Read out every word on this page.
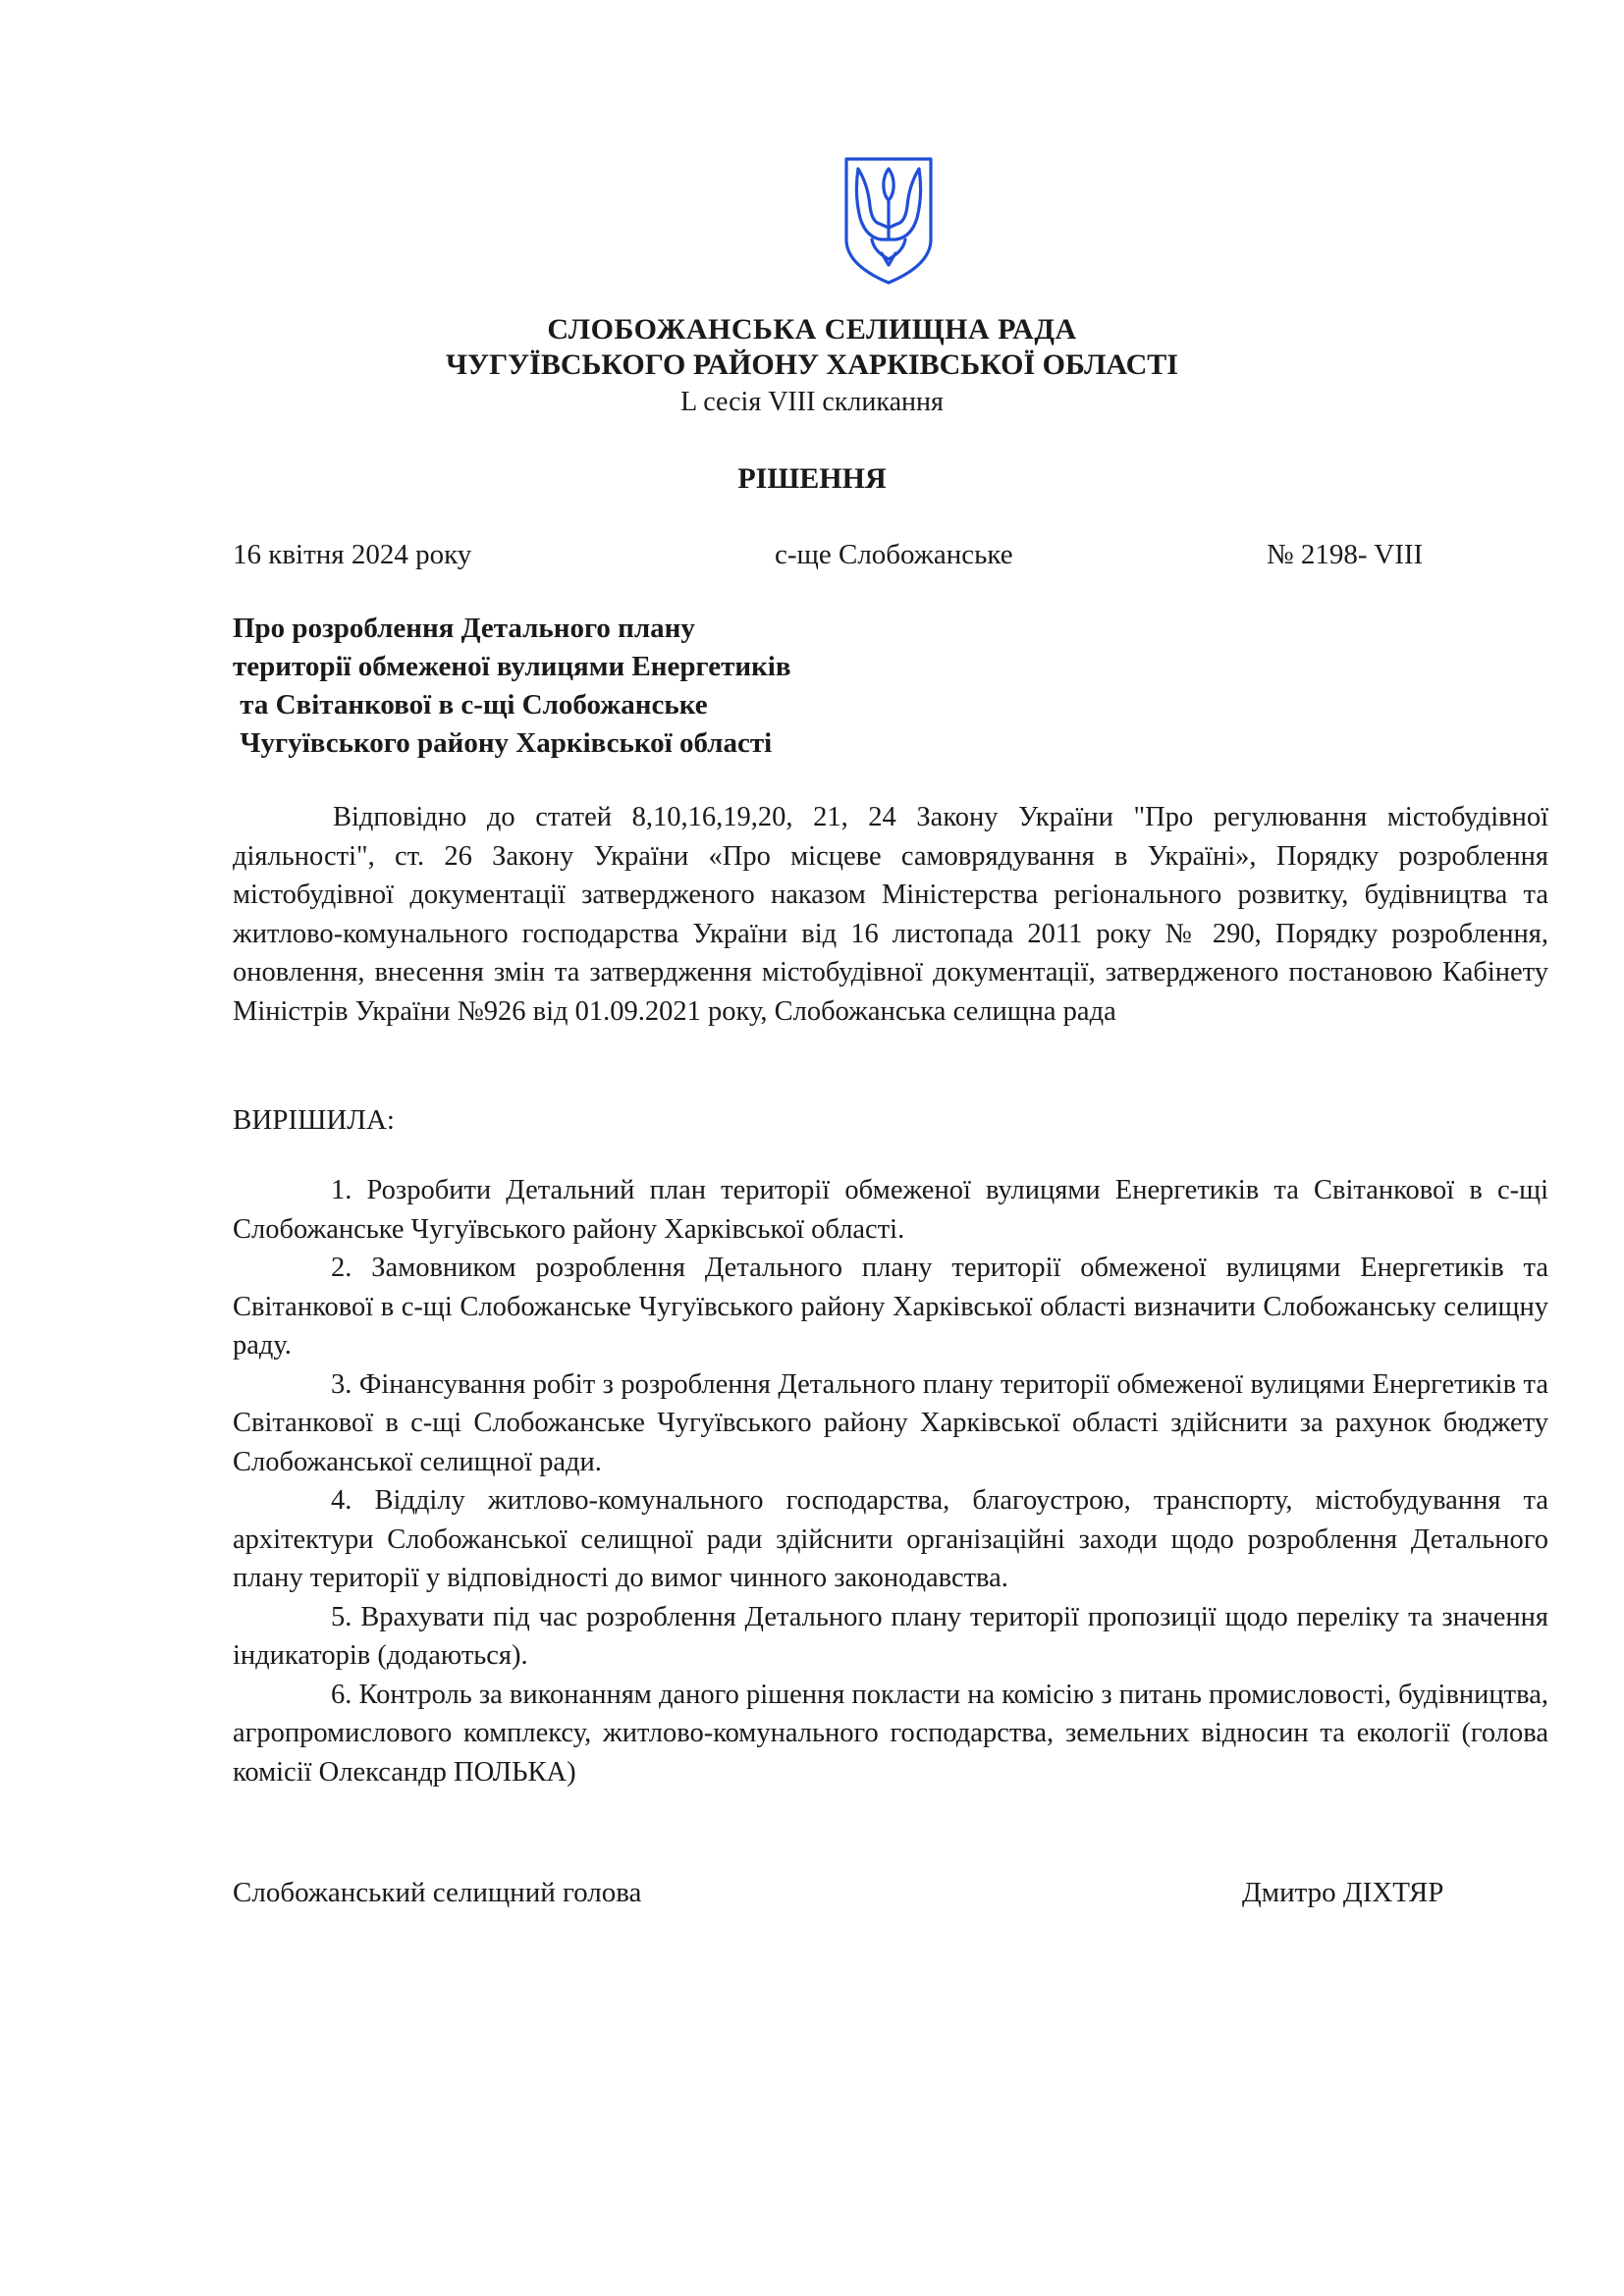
СЛОБОЖАНСЬКА СЕЛИЩНА РАДА

ЧУГУЇВСЬКОГО РАЙОНУ ХАРКІВСЬКОЇ ОБЛАСТІ

L сесія VIII скликання

РІШЕННЯ

16 квітня 2024 року	с-ще Слобожанське	№ 2198- VIII

Про розроблення Детального плану
території обмеженої вулицями Енергетиків
та Світанкової в с-щі Слобожанське
Чугуївського району Харківської області

Відповідно до статей 8,10,16,19,20, 21, 24 Закону України "Про регулювання містобудівної діяльності", ст. 26 Закону України «Про місцеве самоврядування в Україні», Порядку розроблення містобудівної документації затвердженого наказом Міністерства регіонального розвитку, будівництва та житлово-комунального господарства України від 16 листопада 2011 року № 290, Порядку розроблення, оновлення, внесення змін та затвердження містобудівної документації, затвердженого постановою Кабінету Міністрів України №926 від 01.09.2021 року, Слобожанська селищна рада

ВИРІШИЛА:

1. Розробити Детальний план території обмеженої вулицями Енергетиків та Світанкової в с-щі Слобожанське Чугуївського району Харківської області.

2. Замовником розроблення Детального плану території обмеженої вулицями Енергетиків та Світанкової в с-щі Слобожанське Чугуївського району Харківської області визначити Слобожанську селищну раду.

3. Фінансування робіт з розроблення Детального плану території обмеженої вулицями Енергетиків та Світанкової в с-щі Слобожанське Чугуївського району Харківської області здійснити за рахунок бюджету Слобожанської селищної ради.

4. Відділу житлово-комунального господарства, благоустрою, транспорту, містобудування та архітектури Слобожанської селищної ради здійснити організаційні заходи щодо розроблення Детального плану території у відповідності до вимог чинного законодавства.

5. Врахувати під час розроблення Детального плану території пропозиції щодо переліку та значення індикаторів (додаються).

6. Контроль за виконанням даного рішення покласти на комісію з питань промисловості, будівництва, агропромислового комплексу, житлово-комунального господарства, земельних відносин та екології (голова комісії Олександр ПОЛЬКА)

Слобожанський селищний голова	Дмитро ДІХТЯР
